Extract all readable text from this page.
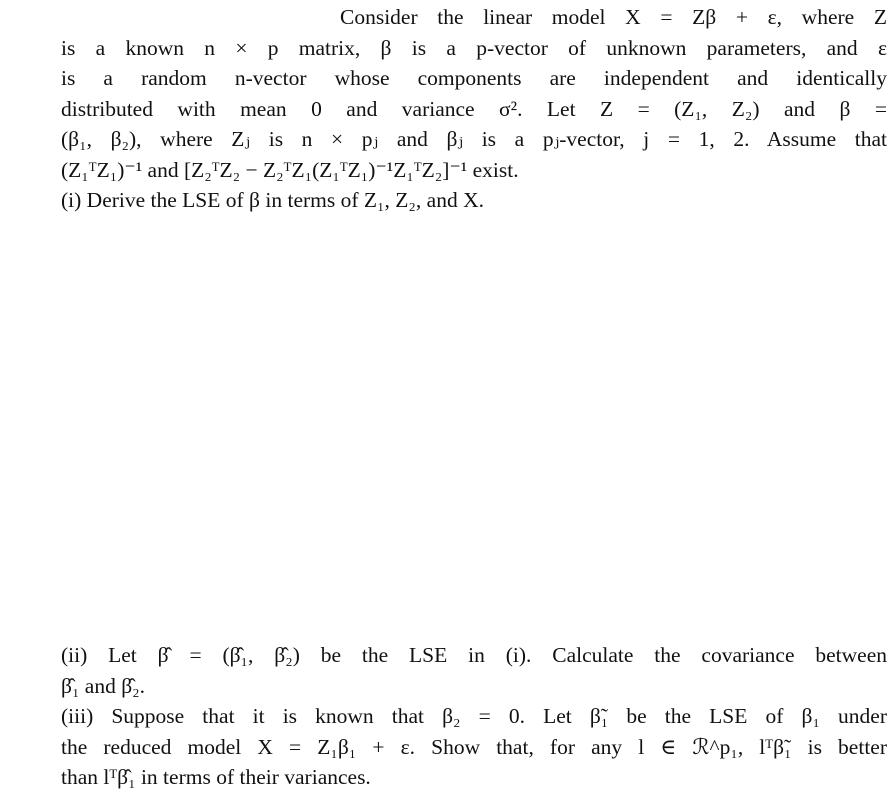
Consider the linear model X = Zβ + ε, where Z
is a known n × p matrix, β is a p-vector of unknown parameters, and ε
is a random n-vector whose components are independent and identically
distributed with mean 0 and variance σ². Let Z = (Z₁, Z₂) and β =
(β₁, β₂), where Zⱼ is n × pⱼ and βⱼ is a pⱼ-vector, j = 1, 2. Assume that
(Z₁ᵀZ₁)⁻¹ and [Z₂ᵀZ₂ − Z₂ᵀZ₁(Z₁ᵀZ₁)⁻¹Z₁ᵀZ₂]⁻¹ exist.
(i) Derive the LSE of β in terms of Z₁, Z₂, and X.
(ii) Let β̂ = (β̂₁, β̂₂) be the LSE in (i). Calculate the covariance between
β̂₁ and β̂₂.
(iii) Suppose that it is known that β₂ = 0. Let β̃₁ be the LSE of β₁ under
the reduced model X = Z₁β₁ + ε. Show that, for any l ∈ ℛ^p₁, lᵀβ̃₁ is better
than lᵀβ̂₁ in terms of their variances.
